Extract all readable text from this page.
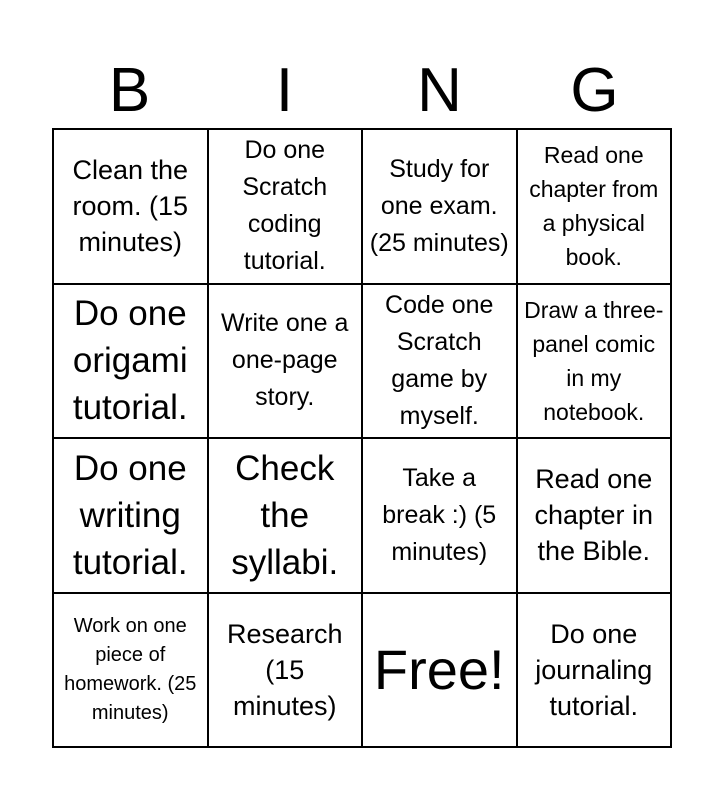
B	I	N	G
Clean the room. (15 minutes)
Do one Scratch coding tutorial.
Study for one exam. (25 minutes)
Read one chapter from a physical book.
Do one origami tutorial.
Write one a one-page story.
Code one Scratch game by myself.
Draw a three-panel comic in my notebook.
Do one writing tutorial.
Check the syllabi.
Take a break :) (5 minutes)
Read one chapter in the Bible.
Work on one piece of homework. (25 minutes)
Research (15 minutes)
Free!
Do one journaling tutorial.
